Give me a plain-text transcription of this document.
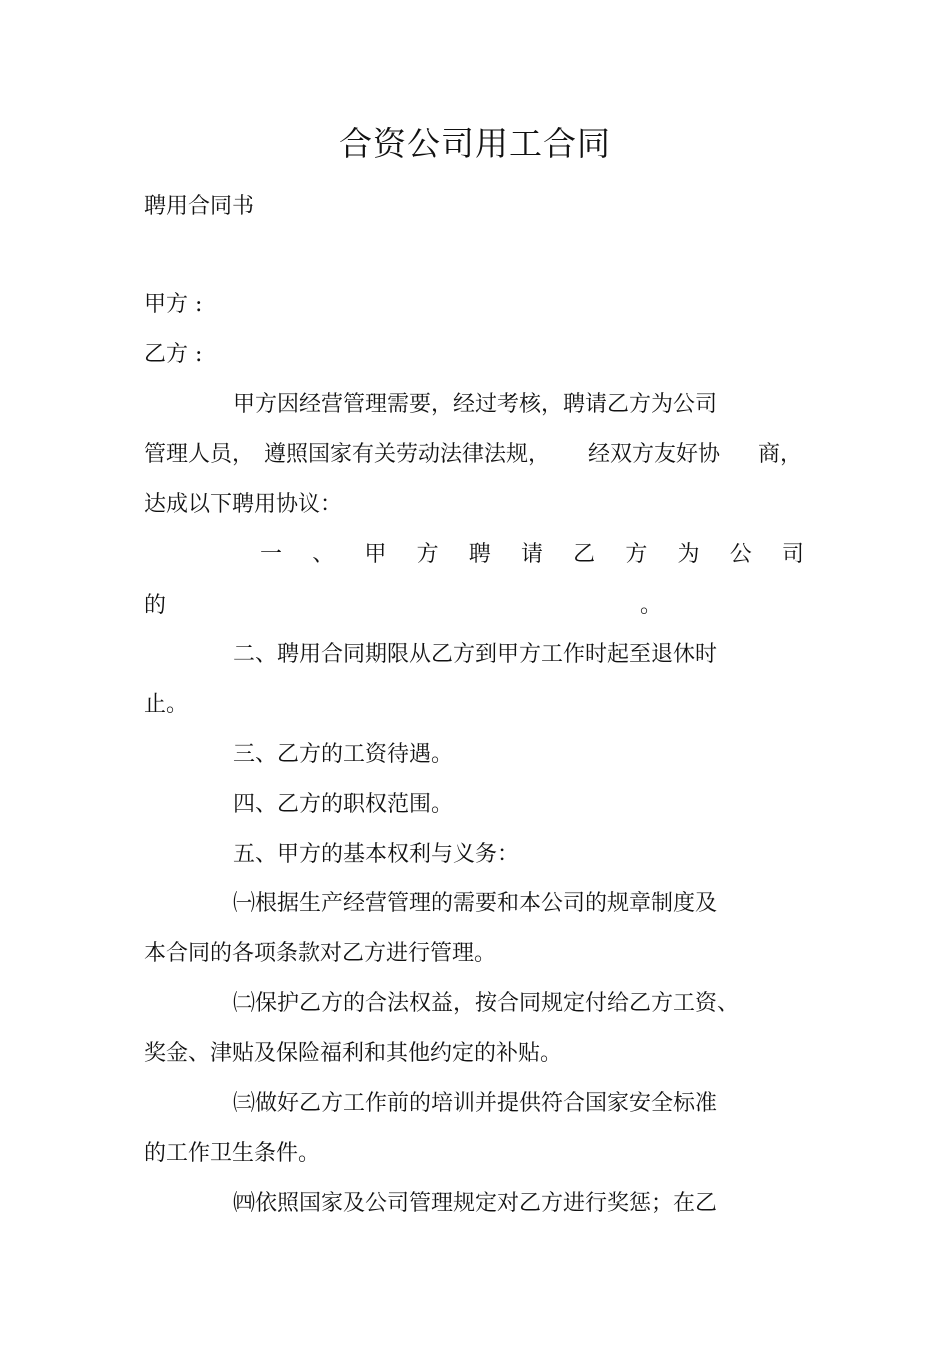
合资公司用工合同
聘用合同书
甲方 :
乙方 :
甲方因经营管理需要，经过考核，聘请乙方为公司
管理人员， 遵照国家有关劳动法律法规， 经双方友好协 商，
达成以下聘用协议：
一 、 甲 方 聘 请 乙 方 为 公 司
的	。
二、聘用合同期限从乙方到甲方工作时起至退休时
止。
三、乙方的工资待遇。
四、乙方的职权范围。
五、甲方的基本权利与义务：
㈠根据生产经营管理的需要和本公司的规章制度及
本合同的各项条款对乙方进行管理。
㈡保护乙方的合法权益，按合同规定付给乙方工资、
奖金、津贴及保险福利和其他约定的补贴。
㈢做好乙方工作前的培训并提供符合国家安全标准
的工作卫生条件。
㈣依照国家及公司管理规定对乙方进行奖惩；在乙
